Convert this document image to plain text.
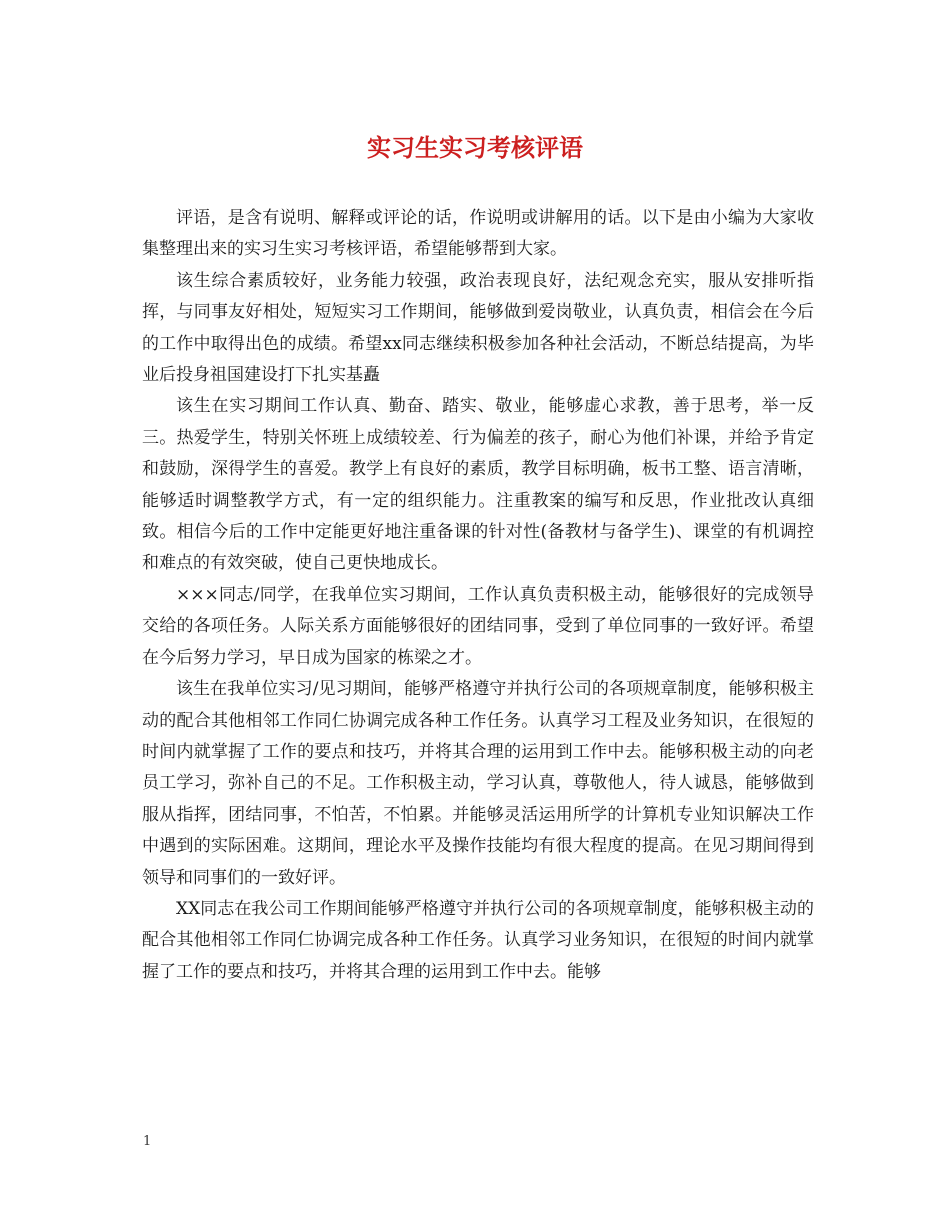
实习生实习考核评语

评语，是含有说明、解释或评论的话，作说明或讲解用的话。以下是由小编为大家收集整理出来的实习生实习考核评语，希望能够帮到大家。

该生综合素质较好，业务能力较强，政治表现良好，法纪观念充实，服从安排听指挥，与同事友好相处，短短实习工作期间，能够做到爱岗敬业，认真负责，相信会在今后的工作中取得出色的成绩。希望xx同志继续积极参加各种社会活动，不断总结提高，为毕业后投身祖国建设打下扎实基矗

该生在实习期间工作认真、勤奋、踏实、敬业，能够虚心求教，善于思考，举一反三。热爱学生，特别关怀班上成绩较差、行为偏差的孩子，耐心为他们补课，并给予肯定和鼓励，深得学生的喜爱。教学上有良好的素质，教学目标明确，板书工整、语言清晰，能够适时调整教学方式，有一定的组织能力。注重教案的编写和反思，作业批改认真细致。相信今后的工作中定能更好地注重备课的针对性(备教材与备学生)、课堂的有机调控和难点的有效突破，使自己更快地成长。

×××同志/同学，在我单位实习期间，工作认真负责积极主动，能够很好的完成领导交给的各项任务。人际关系方面能够很好的团结同事，受到了单位同事的一致好评。希望在今后努力学习，早日成为国家的栋梁之才。

该生在我单位实习/见习期间，能够严格遵守并执行公司的各项规章制度，能够积极主动的配合其他相邻工作同仁协调完成各种工作任务。认真学习工程及业务知识，在很短的时间内就掌握了工作的要点和技巧，并将其合理的运用到工作中去。能够积极主动的向老员工学习，弥补自己的不足。工作积极主动，学习认真，尊敬他人，待人诚恳，能够做到服从指挥，团结同事，不怕苦，不怕累。并能够灵活运用所学的计算机专业知识解决工作中遇到的实际困难。这期间，理论水平及操作技能均有很大程度的提高。在见习期间得到领导和同事们的一致好评。

XX同志在我公司工作期间能够严格遵守并执行公司的各项规章制度，能够积极主动的配合其他相邻工作同仁协调完成各种工作任务。认真学习业务知识，在很短的时间内就掌握了工作的要点和技巧，并将其合理的运用到工作中去。能够

1
